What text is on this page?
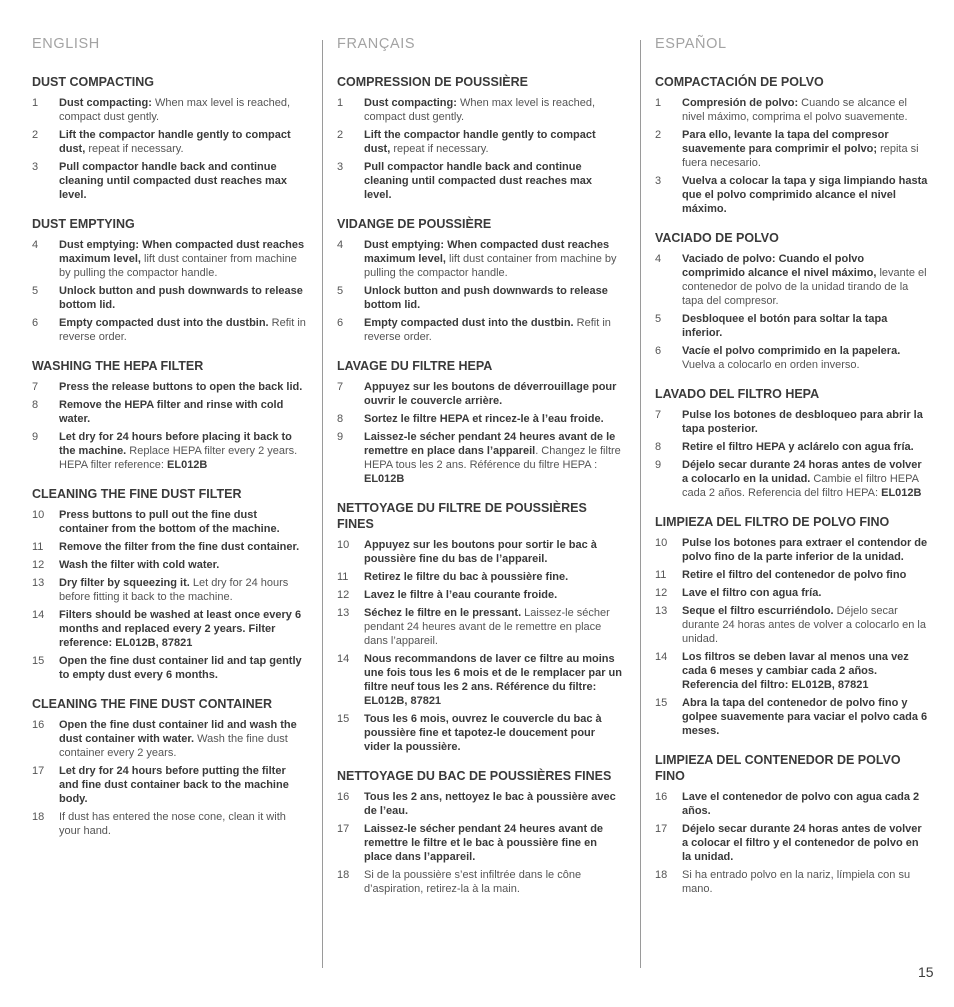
ENGLISH
DUST COMPACTING
1	Dust compacting: When max level is reached, compact dust gently.
2	Lift the compactor handle gently to compact dust, repeat if necessary.
3	Pull compactor handle back and continue cleaning until compacted dust reaches max level.
DUST EMPTYING
4	Dust emptying: When compacted dust reaches maximum level, lift dust container from machine by pulling the compactor handle.
5	Unlock button and push downwards to release bottom lid.
6	Empty compacted dust into the dustbin. Refit in reverse order.
WASHING THE HEPA FILTER
7	Press the release buttons to open the back lid.
8	Remove the HEPA filter and rinse with cold water.
9	Let dry for 24 hours before placing it back to the machine. Replace HEPA filter every 2 years. HEPA filter reference: EL012B
CLEANING THE FINE DUST FILTER
10	Press buttons to pull out the fine dust container from the bottom of the machine.
11	Remove the filter from the fine dust container.
12	Wash the filter with cold water.
13	Dry filter by squeezing it. Let dry for 24 hours before fitting it back to the machine.
14	Filters should be washed at least once every 6 months and replaced every 2 years. Filter reference: EL012B, 87821
15	Open the fine dust container lid and tap gently to empty dust every 6 months.
CLEANING THE FINE DUST CONTAINER
16	Open the fine dust container lid and wash the dust container with water. Wash the fine dust container every 2 years.
17	Let dry for 24 hours before putting the filter and fine dust container back to the machine body.
18	If dust has entered the nose cone, clean it with your hand.
FRANÇAIS
COMPRESSION DE POUSSIÈRE
1	Dust compacting: When max level is reached, compact dust gently.
2	Lift the compactor handle gently to compact dust, repeat if necessary.
3	Pull compactor handle back and continue cleaning until compacted dust reaches max level.
VIDANGE DE POUSSIÈRE
4	Dust emptying: When compacted dust reaches maximum level, lift dust container from machine by pulling the compactor handle.
5	Unlock button and push downwards to release bottom lid.
6	Empty compacted dust into the dustbin. Refit in reverse order.
LAVAGE DU FILTRE HEPA
7	Appuyez sur les boutons de déverrouillage pour ouvrir le couvercle arrière.
8	Sortez le filtre HEPA et rincez-le à l’eau froide.
9	Laissez-le sécher pendant 24 heures avant de le remettre en place dans l’appareil. Changez le filtre HEPA tous les 2 ans. Référence du filtre HEPA : EL012B
NETTOYAGE DU FILTRE DE POUSSIÈRES FINES
10	Appuyez sur les boutons pour sortir le bac à poussière fine du bas de l’appareil.
11	Retirez le filtre du bac à poussière fine.
12	Lavez le filtre à l’eau courante froide.
13	Séchez le filtre en le pressant. Laissez-le sécher pendant 24 heures avant de le remettre en place dans l’appareil.
14	Nous recommandons de laver ce filtre au moins une fois tous les 6 mois et de le remplacer par un filtre neuf tous les 2 ans. Référence du filtre: EL012B, 87821
15	Tous les 6 mois, ouvrez le couvercle du bac à poussière fine et tapotez-le doucement pour vider la poussière.
NETTOYAGE DU BAC DE POUSSIÈRES FINES
16	Tous les 2 ans, nettoyez le bac à poussière avec de l’eau.
17	Laissez-le sécher pendant 24 heures avant de remettre le filtre et le bac à poussière fine en place dans l’appareil.
18	Si de la poussière s’est infiltrée dans le cône d’aspiration, retirez-la à la main.
ESPAÑOL
COMPACTACIÓN DE POLVO
1	Compresión de polvo: Cuando se alcance el nivel máximo, comprima el polvo suavemente.
2	Para ello, levante la tapa del compresor suavemente para comprimir el polvo; repita si fuera necesario.
3	Vuelva a colocar la tapa y siga limpiando hasta que el polvo comprimido alcance el nivel máximo.
VACIADO DE POLVO
4	Vaciado de polvo: Cuando el polvo comprimido alcance el nivel máximo, levante el contenedor de polvo de la unidad tirando de la tapa del compresor.
5	Desbloquee el botón para soltar la tapa inferior.
6	Vacíe el polvo comprimido en la papelera. Vuelva a colocarlo en orden inverso.
LAVADO DEL FILTRO HEPA
7	Pulse los botones de desbloqueo para abrir la tapa posterior.
8	Retire el filtro HEPA y aclárelo con agua fría.
9	Déjelo secar durante 24 horas antes de volver a colocarlo en la unidad. Cambie el filtro HEPA cada 2 años. Referencia del filtro HEPA: EL012B
LIMPIEZA DEL FILTRO DE POLVO FINO
10	Pulse los botones para extraer el contendor de polvo fino de la parte inferior de la unidad.
11	Retire el filtro del contenedor de polvo fino
12	Lave el filtro con agua fría.
13	Seque el filtro escurriéndolo. Déjelo secar durante 24 horas antes de volver a colocarlo en la unidad.
14	Los filtros se deben lavar al menos una vez cada 6 meses y cambiar cada 2 años. Referencia del filtro: EL012B, 87821
15	Abra la tapa del contenedor de polvo fino y golpee suavemente para vaciar el polvo cada 6 meses.
LIMPIEZA DEL CONTENEDOR DE POLVO FINO
16	Lave el contenedor de polvo con agua cada 2 años.
17	Déjelo secar durante 24 horas antes de volver a colocar el filtro y el contenedor de polvo en la unidad.
18	Si ha entrado polvo en la nariz, límpiela con su mano.
15
